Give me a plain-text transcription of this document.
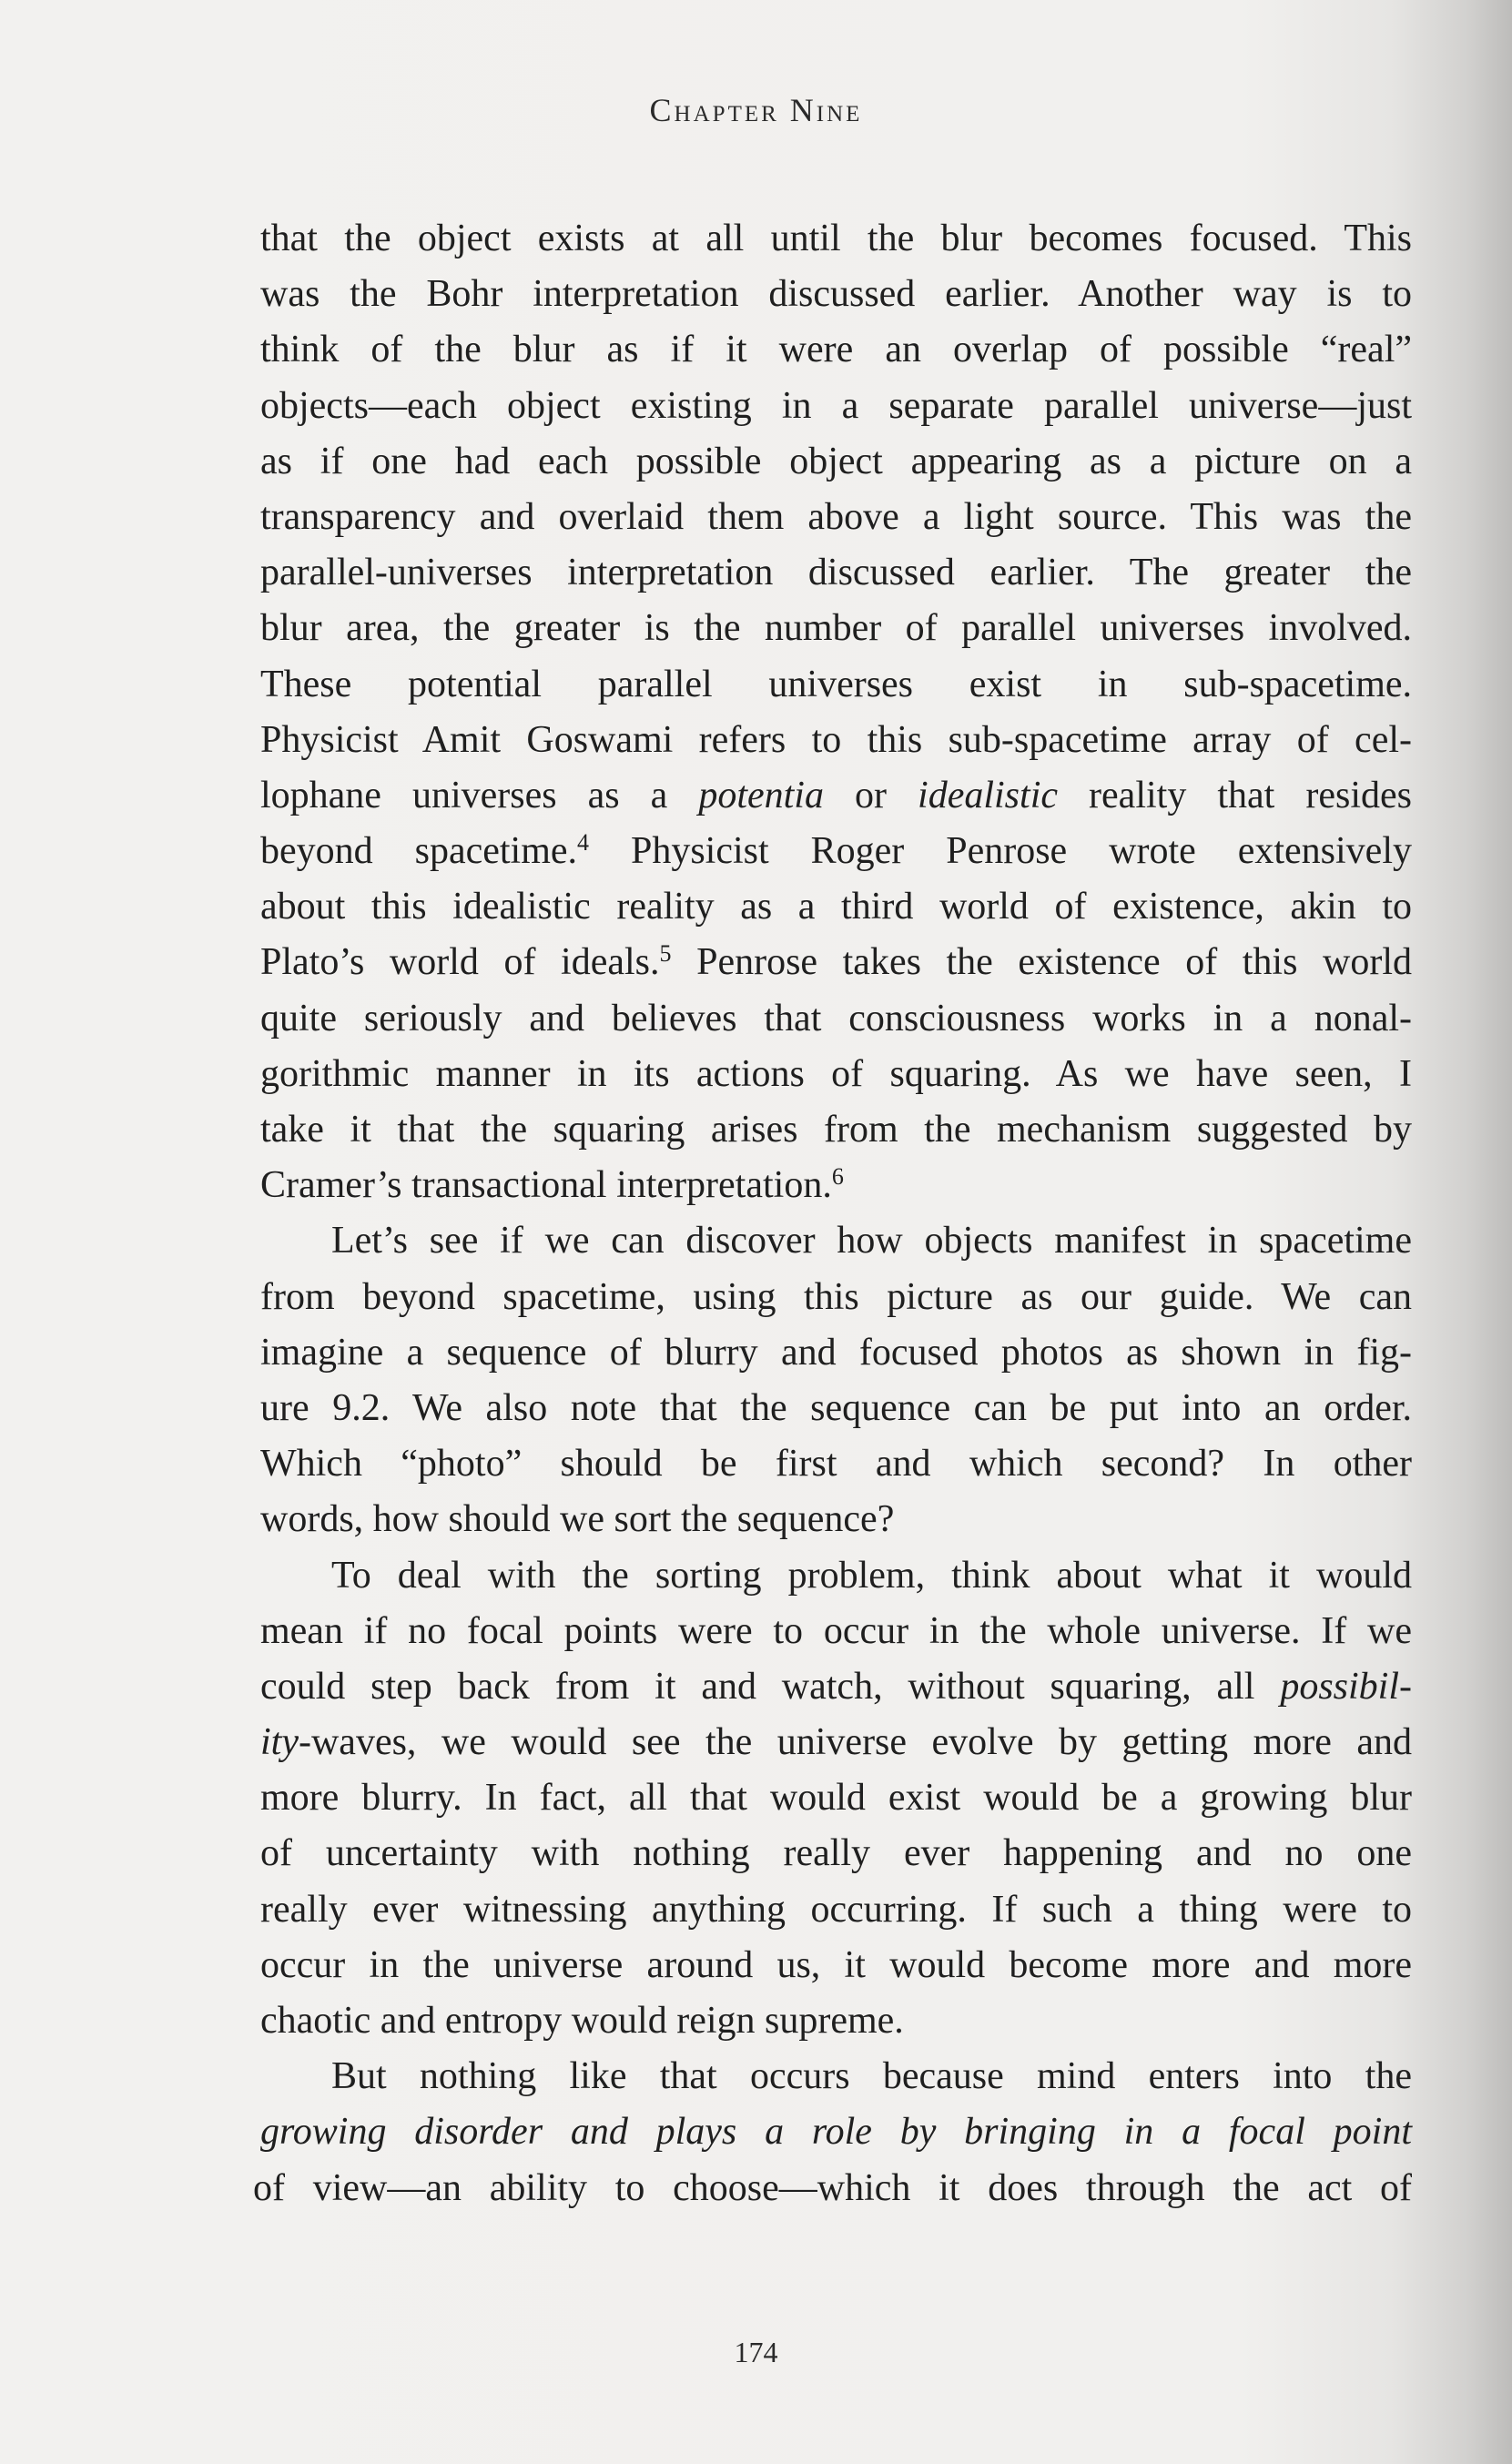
Chapter Nine
that the object exists at all until the blur becomes focused. This
was the Bohr interpretation discussed earlier. Another way is to
think of the blur as if it were an overlap of possible “real”
objects—each object existing in a separate parallel universe—just
as if one had each possible object appearing as a picture on a
transparency and overlaid them above a light source. This was the
parallel-universes interpretation discussed earlier. The greater the
blur area, the greater is the number of parallel universes involved.
These potential parallel universes exist in sub-spacetime.
Physicist Amit Goswami refers to this sub-spacetime array of cel-
lophane universes as a potentia or idealistic reality that resides
beyond spacetime.$^4$ Physicist Roger Penrose wrote extensively
about this idealistic reality as a third world of existence, akin to
Plato’s world of ideals.$^5$ Penrose takes the existence of this world
quite seriously and believes that consciousness works in a nonal-
gorithmic manner in its actions of squaring. As we have seen, I
take it that the squaring arises from the mechanism suggested by
Cramer’s transactional interpretation.$^6$
Let’s see if we can discover how objects manifest in spacetime
from beyond spacetime, using this picture as our guide. We can
imagine a sequence of blurry and focused photos as shown in fig-
ure 9.2. We also note that the sequence can be put into an order.
Which “photo” should be first and which second? In other
words, how should we sort the sequence?
To deal with the sorting problem, think about what it would
mean if no focal points were to occur in the whole universe. If we
could step back from it and watch, without squaring, all possibil-
ity-waves, we would see the universe evolve by getting more and
more blurry. In fact, all that would exist would be a growing blur
of uncertainty with nothing really ever happening and no one
really ever witnessing anything occurring. If such a thing were to
occur in the universe around us, it would become more and more
chaotic and entropy would reign supreme.
But nothing like that occurs because mind enters into the
growing disorder and plays a role by bringing in a focal point
of view—an ability to choose—which it does through the act of
174
